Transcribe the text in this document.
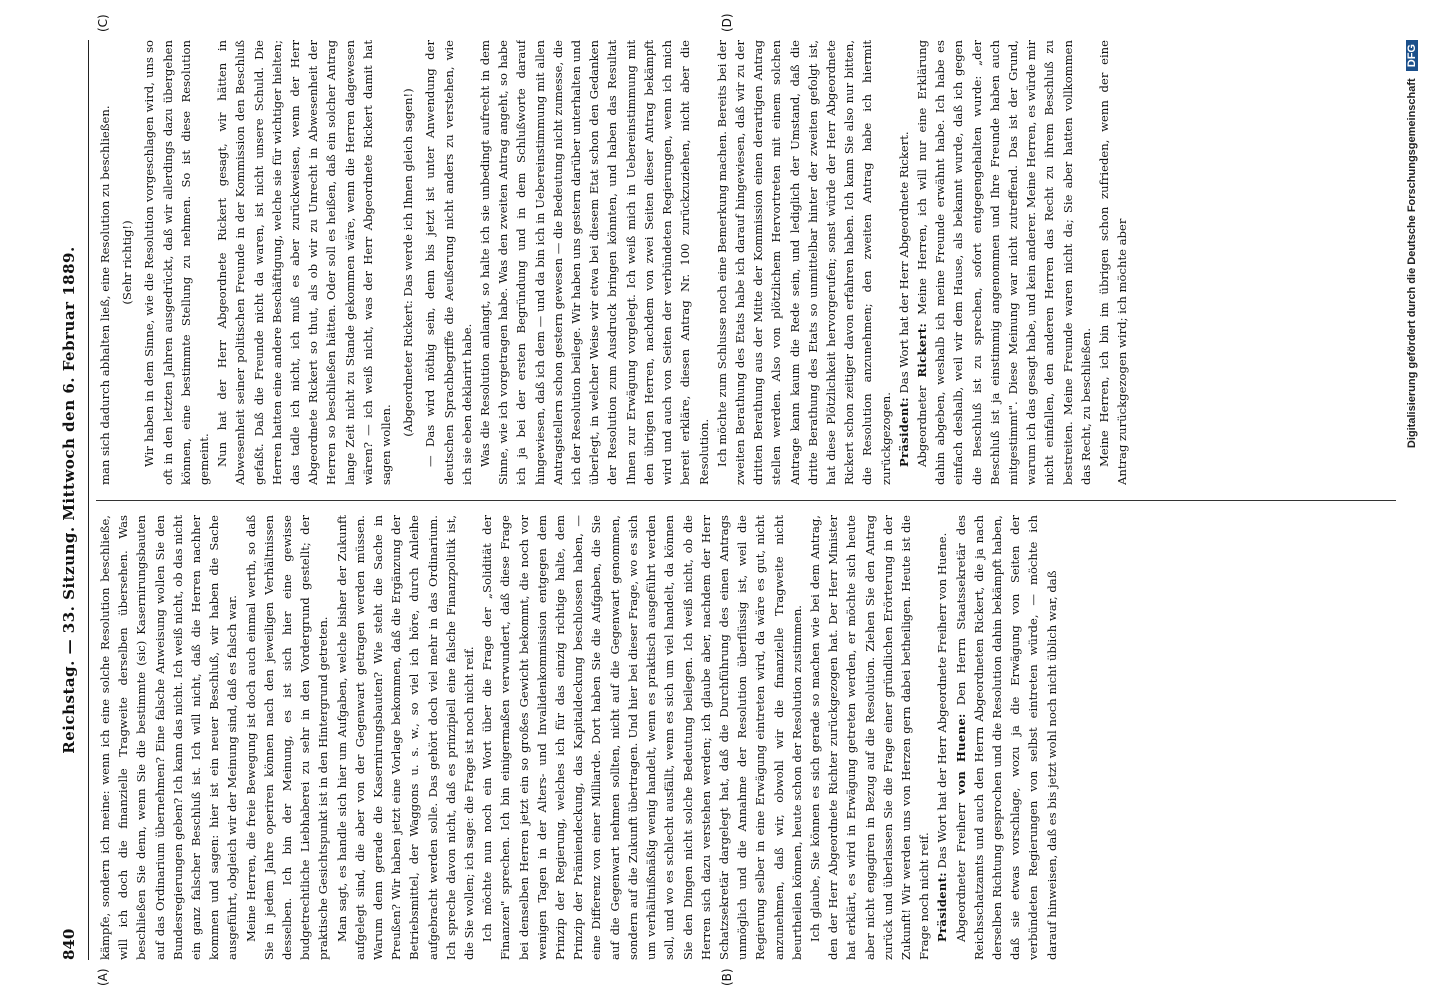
840
Reichstag. — 33. Sitzung. Mittwoch den 6. Februar 1889.
(A)	(B)
(C)	(D)

kämpfe, sondern ich meine: wenn ich eine solche Resolution beschließe, will ich doch die finanzielle Tragweite derselben übersehen. Was beschließen Sie denn, wenn Sie die bestimmte (sic) Kasernirungsbauten auf das Ordinarium übernehmen? Eine falsche Anweisung wollen Sie den Bundesregierungen geben? Ich kann das nicht. Ich weiß nicht, ob das nicht ein ganz falscher Beschluß ist. Ich will nicht, daß die Herren nachher kommen und sagen: hier ist ein neuer Beschluß, wir haben die Sache ausgeführt, obgleich wir der Meinung sind, daß es falsch war. Meine Herren, die freie Bewegung ist doch auch einmal werth, so daß Sie in jedem Jahre operiren können nach den jeweiligen Verhältnissen desselben. Ich bin der Meinung, es ist sich hier eine gewisse budgetrechtliche Liebhaberei zu sehr in den Vordergrund gestellt; der praktische Gesichtspunkt ist in den Hintergrund getreten. Man sagt, es handle sich hier um Aufgaben, welche bisher der Zukunft aufgelegt sind, die aber von der Gegenwart getragen werden müssen. Warum denn gerade die Kasernirungsbauten? Wie steht die Sache in Preußen? Wir haben jetzt eine Vorlage bekommen, daß die Ergänzung der Betriebsmittel, der Waggons u. s. w., so viel ich höre, durch Anleihe aufgebracht werden solle. Das gehört doch viel mehr in das Ordinarium. Ich spreche davon nicht, daß es prinzipiell eine falsche Finanzpolitik ist, die Sie wollen; ich sage: die Frage ist noch nicht reif. Ich möchte nun noch ein Wort über die Frage der „Solidität der Finanzen" sprechen. Ich bin einigermaßen verwundert, daß diese Frage bei denselben Herren jetzt ein so großes Gewicht bekommt, die noch vor wenigen Tagen in der Alters- und Invalidenkommission entgegen dem Prinzip der Regierung, welches ich für das einzig richtige halte, dem Prinzip der Prämiendeckung, das Kapitaldeckung beschlossen haben, — eine Differenz von einer Milliarde. Dort haben Sie die Aufgaben, die Sie auf die Gegenwart nehmen sollten, nicht auf die Gegenwart genommen, sondern auf die Zukunft übertragen. Und hier bei dieser Frage, wo es sich um verhältnißmäßig wenig handelt, wenn es praktisch ausgeführt werden soll, und wo es schlecht ausfällt, wenn es sich um viel handelt, da können Sie den Dingen nicht solche Bedeutung beilegen. Ich weiß nicht, ob die Herren sich dazu verstehen werden; ich glaube aber, nachdem der Herr Schatzsekretär dargelegt hat, daß die Durchführung des einen Antrags unmöglich und die Annahme der Resolution überflüssig ist, weil die Regierung selber in eine Erwägung eintreten wird, da wäre es gut, nicht anzunehmen, daß wir, obwohl wir die finanzielle Tragweite nicht beurtheilen können, heute schon der Resolution zustimmen. Ich glaube, Sie können es sich gerade so machen wie bei dem Antrag, den der Herr Abgeordnete Richter zurückgezogen hat. Der Herr Minister hat erklärt, es wird in Erwägung getreten werden, er möchte sich heute aber nicht engagiren in Bezug auf die Resolution. Ziehen Sie den Antrag zurück und überlassen Sie die Frage einer gründlichen Erörterung in der Zukunft! Wir werden uns von Herzen gern dabei betheiligen. Heute ist die Frage noch nicht reif. Präsident: Das Wort hat der Herr Abgeordnete Freiherr von Huene. Abgeordneter Freiherr von Huene: Den Herrn Staatssekretär des Reichsschatzamts und auch den Herrn Abgeordneten Rickert, die ja nach derselben Richtung gesprochen und die Resolution dahin bekämpft haben, daß sie etwas vorschlage, wozu ja die Erwägung von Seiten der verbündeten Regierungen von selbst eintreten würde, — möchte ich darauf hinweisen, daß es bis jetzt wohl noch nicht üblich war, daß

man sich dadurch abhalten ließ, eine Resolution zu beschließen. (Sehr richtig!) Wir haben in dem Sinne, wie die Resolution vorgeschlagen wird, uns so oft in den letzten Jahren ausgedrückt, daß wir allerdings dazu übergehen können, eine bestimmte Stellung zu nehmen. So ist diese Resolution gemeint. Nun hat der Herr Abgeordnete Rickert gesagt, wir hätten in Abwesenheit seiner politischen Freunde in der Kommission den Beschluß gefaßt. Daß die Freunde nicht da waren, ist nicht unsere Schuld. Die Herren hatten eine andere Beschäftigung, welche sie für wichtiger hielten; das tadle ich nicht, ich muß es aber zurückweisen, wenn der Herr Abgeordnete Rickert so thut, als ob wir zu Unrecht in Abwesenheit der Herren so beschließen hätten. Oder soll es heißen, daß ein solcher Antrag lange Zeit nicht zu Stande gekommen wäre, wenn die Herren dagewesen wären? — ich weiß nicht, was der Herr Abgeordnete Rickert damit hat sagen wollen.

(Abgeordneter Rickert: Das werde ich Ihnen gleich sagen!) — Das wird nöthig sein, denn bis jetzt ist unter Anwendung der deutschen Sprachbegriffe die Aeußerung nicht anders zu verstehen, wie ich sie eben deklarirt habe. Was die Resolution anlangt, so halte ich sie unbedingt aufrecht in dem Sinne, wie ich vorgetragen habe. Was den zweiten Antrag angeht, so habe ich ja bei der ersten Begründung und in dem Schlußworte darauf hingewiesen, daß ich dem — und da bin ich in Uebereinstimmung mit allen Antragstellern schon gestern gewesen — die Bedeutung nicht zumesse, die ich der Resolution beilege. Wir haben uns gestern darüber unterhalten und überlegt, in welcher Weise wir etwa bei diesem Etat schon den Gedanken der Resolution zum Ausdruck bringen könnten, und haben das Resultat Ihnen zur Erwägung vorgelegt. Ich weiß mich in Uebereinstimmung mit den übrigen Herren, nachdem von zwei Seiten dieser Antrag bekämpft wird und auch von Seiten der verbündeten Regierungen, wenn ich mich bereit erkläre, diesen Antrag Nr. 100 zurückzuziehen, nicht aber die Resolution. Ich möchte zum Schlusse noch eine Bemerkung machen. Bereits bei der zweiten Berathung des Etats habe ich darauf hingewiesen, daß wir zu der dritten Berathung aus der Mitte der Kommission einen derartigen Antrag stellen werden. Also von plötzlichem Hervortreten mit einem solchen Antrage kann kaum die Rede sein, und lediglich der Umstand, daß die dritte Berathung des Etats so unmittelbar hinter der zweiten gefolgt ist, hat diese Plötzlichkeit hervorgerufen; sonst würde der Herr Abgeordnete Rickert schon zeitiger davon erfahren haben. Ich kann Sie also nur bitten, die Resolution anzunehmen; den zweiten Antrag habe ich hiermit zurückgezogen. Präsident: Das Wort hat der Herr Abgeordnete Rickert.

Abgeordneter Rickert: Meine Herren, ich will nur eine Erklärung dahin abgeben, weshalb ich meine Freunde erwähnt habe. Ich habe es einfach deshalb, weil wir dem Hause, als bekannt wurde, daß ich gegen die Beschluß ist zu sprechen, sofort entgegengehalten wurde: „der Beschluß ist ja einstimmig angenommen und Ihre Freunde haben auch mitgestimmt". Diese Meinung war nicht zutreffend. Das ist der Grund, warum ich das gesagt habe, und kein anderer. Meine Herren, es würde mir nicht einfallen, den anderen Herren das Recht zu ihrem Beschluß zu bestreiten. Meine Freunde waren nicht da; Sie aber hatten vollkommen das Recht, zu beschließen. Meine Herren, ich bin im übrigen schon zufrieden, wenn der eine Antrag zurückgezogen wird; ich möchte aber	Digitalisierung gefördert durch die Deutsche Forschungsgemeinschaft DFG
